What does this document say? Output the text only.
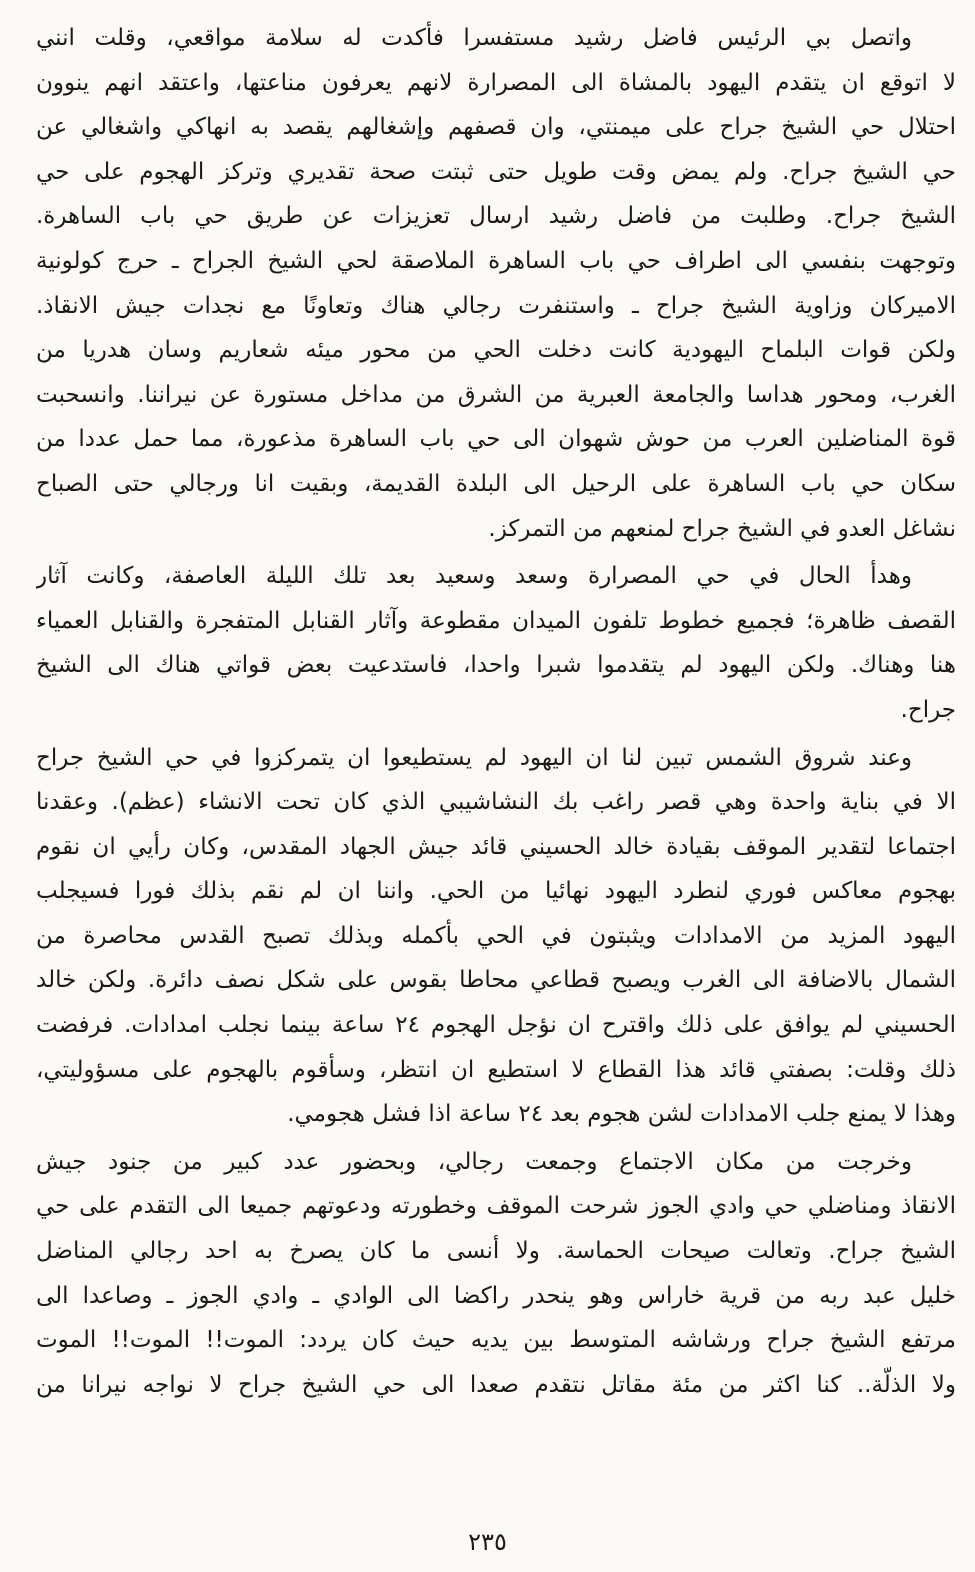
واتصل بي الرئيس فاضل رشيد مستفسرا فأكدت له سلامة مواقعي، وقلت انني
لا اتوقع ان يتقدم اليهود بالمشاة الى المصرارة لانهم يعرفون مناعتها، واعتقد انهم ينوون
احتلال حي الشيخ جراح على ميمنتي، وان قصفهم وإشغالهم يقصد به انهاكي واشغالي عن
حي الشيخ جراح. ولم يمض وقت طويل حتى ثبتت صحة تقديري وتركز الهجوم على حي
الشيخ جراح. وطلبت من فاضل رشيد ارسال تعزيزات عن طريق حي باب الساهرة.
وتوجهت بنفسي الى اطراف حي باب الساهرة الملاصقة لحي الشيخ الجراح ـ حرج كولونية
الاميركان وزاوية الشيخ جراح ـ واستنفرت رجالي هناك وتعاونًا مع نجدات جيش الانقاذ.
ولكن قوات البلماح اليهودية كانت دخلت الحي من محور ميئه شعاريم وسان هدريا من
الغرب، ومحور هداسا والجامعة العبرية من الشرق من مداخل مستورة عن نيراننا. وانسحبت
قوة المناضلين العرب من حوش شهوان الى حي باب الساهرة مذعورة، مما حمل عددا من
سكان حي باب الساهرة على الرحيل الى البلدة القديمة، وبقيت انا ورجالي حتى الصباح
نشاغل العدو في الشيخ جراح لمنعهم من التمركز.
وهدأ الحال في حي المصرارة وسعد وسعيد بعد تلك الليلة العاصفة، وكانت آثار
القصف ظاهرة؛ فجميع خطوط تلفون الميدان مقطوعة وآثار القنابل المتفجرة والقنابل العمياء
هنا وهناك. ولكن اليهود لم يتقدموا شبرا واحدا، فاستدعيت بعض قواتي هناك الى الشيخ
جراح.
وعند شروق الشمس تبين لنا ان اليهود لم يستطيعوا ان يتمركزوا في حي الشيخ جراح
الا في بناية واحدة وهي قصر راغب بك النشاشيبي الذي كان تحت الانشاء (عظم). وعقدنا
اجتماعا لتقدير الموقف بقيادة خالد الحسيني قائد جيش الجهاد المقدس، وكان رأيي ان نقوم
بهجوم معاكس فوري لنطرد اليهود نهائيا من الحي. واننا ان لم نقم بذلك فورا فسيجلب
اليهود المزيد من الامدادات ويثبتون في الحي بأكمله وبذلك تصبح القدس محاصرة من
الشمال بالاضافة الى الغرب ويصبح قطاعي محاطا بقوس على شكل نصف دائرة. ولكن خالد
الحسيني لم يوافق على ذلك واقترح ان نؤجل الهجوم ٢٤ ساعة بينما نجلب امدادات. فرفضت
ذلك وقلت: بصفتي قائد هذا القطاع لا استطيع ان انتظر، وسأقوم بالهجوم على مسؤوليتي،
وهذا لا يمنع جلب الامدادات لشن هجوم بعد ٢٤ ساعة اذا فشل هجومي.
وخرجت من مكان الاجتماع وجمعت رجالي، وبحضور عدد كبير من جنود جيش
الانقاذ ومناضلي حي وادي الجوز شرحت الموقف وخطورته ودعوتهم جميعا الى التقدم على حي
الشيخ جراح. وتعالت صيحات الحماسة. ولا أنسى ما كان يصرخ به احد رجالي المناضل
خليل عبد ربه من قرية خاراس وهو ينحدر راكضا الى الوادي ـ وادي الجوز ـ وصاعدا الى
مرتفع الشيخ جراح ورشاشه المتوسط بين يديه حيث كان يردد: الموت!! الموت!! الموت
ولا الذلّة.. كنا اكثر من مئة مقاتل نتقدم صعدا الى حي الشيخ جراح لا نواجه نيرانا من
٢٣٥
